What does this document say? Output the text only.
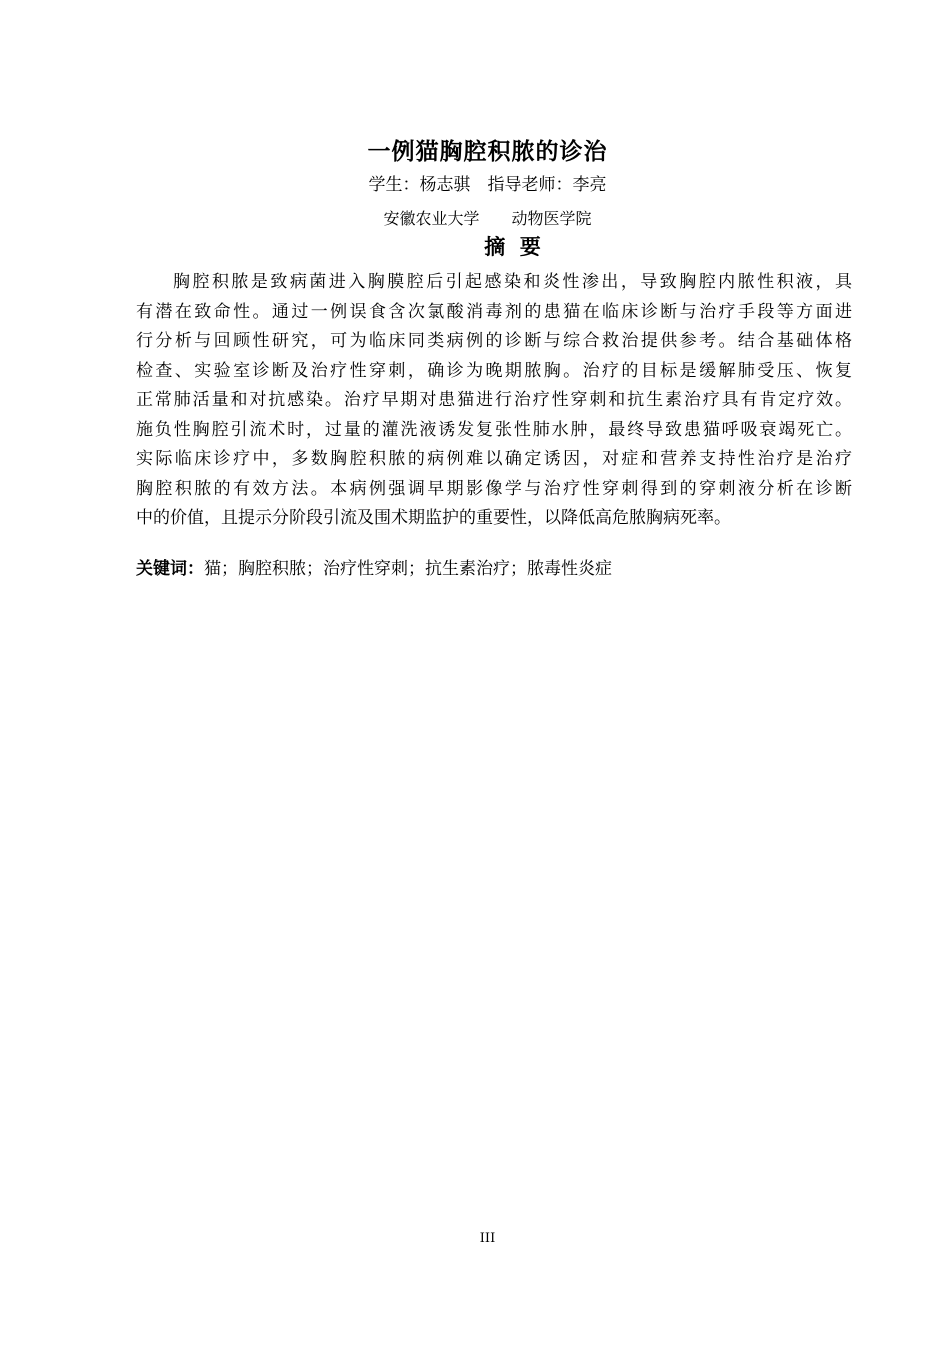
一例猫胸腔积脓的诊治
学生：杨志骐　指导老师：李亮
安徽农业大学　　动物医学院
摘  要
胸腔积脓是致病菌进入胸膜腔后引起感染和炎性渗出，导致胸腔内脓性积液，具
有潜在致命性。通过一例误食含次氯酸消毒剂的患猫在临床诊断与治疗手段等方面进
行分析与回顾性研究，可为临床同类病例的诊断与综合救治提供参考。结合基础体格
检查、实验室诊断及治疗性穿刺，确诊为晚期脓胸。治疗的目标是缓解肺受压、恢复
正常肺活量和对抗感染。治疗早期对患猫进行治疗性穿刺和抗生素治疗具有肯定疗效。
施负性胸腔引流术时，过量的灌洗液诱发复张性肺水肿，最终导致患猫呼吸衰竭死亡。
实际临床诊疗中，多数胸腔积脓的病例难以确定诱因，对症和营养支持性治疗是治疗
胸腔积脓的有效方法。本病例强调早期影像学与治疗性穿刺得到的穿刺液分析在诊断
中的价值，且提示分阶段引流及围术期监护的重要性，以降低高危脓胸病死率。
关键词：猫；胸腔积脓；治疗性穿刺；抗生素治疗；脓毒性炎症
III
